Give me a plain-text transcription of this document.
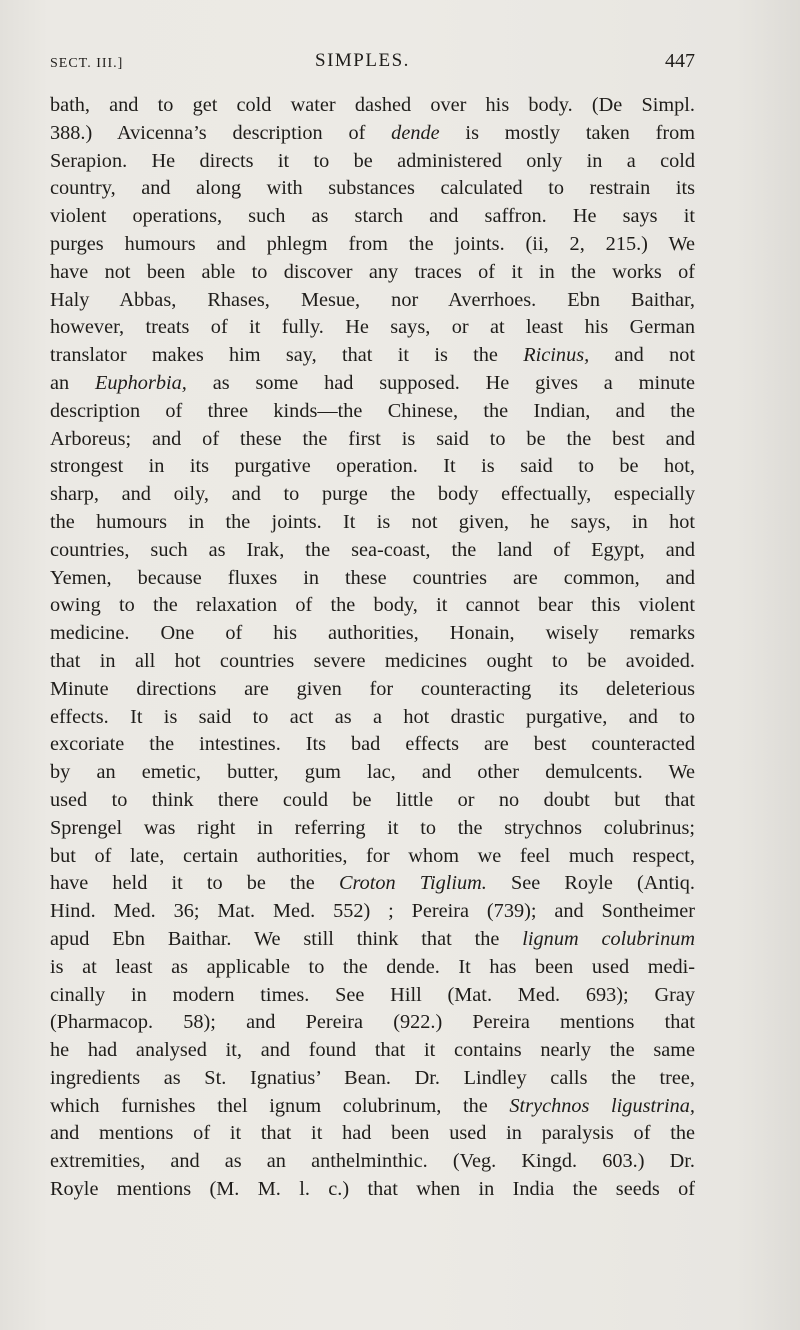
SECT. III.]	SIMPLES.	447
bath, and to get cold water dashed over his body. (De Simpl.
388.) Avicenna’s description of dende is mostly taken from
Serapion. He directs it to be administered only in a cold
country, and along with substances calculated to restrain its
violent operations, such as starch and saffron. He says it
purges humours and phlegm from the joints. (ii, 2, 215.) We
have not been able to discover any traces of it in the works of
Haly Abbas, Rhases, Mesue, nor Averrhoes. Ebn Baithar,
however, treats of it fully. He says, or at least his German
translator makes him say, that it is the Ricinus, and not
an Euphorbia, as some had supposed. He gives a minute
description of three kinds—the Chinese, the Indian, and the
Arboreus; and of these the first is said to be the best and
strongest in its purgative operation. It is said to be hot,
sharp, and oily, and to purge the body effectually, especially
the humours in the joints. It is not given, he says, in hot
countries, such as Irak, the sea-coast, the land of Egypt, and
Yemen, because fluxes in these countries are common, and
owing to the relaxation of the body, it cannot bear this violent
medicine. One of his authorities, Honain, wisely remarks
that in all hot countries severe medicines ought to be avoided.
Minute directions are given for counteracting its deleterious
effects. It is said to act as a hot drastic purgative, and to
excoriate the intestines. Its bad effects are best counteracted
by an emetic, butter, gum lac, and other demulcents. We
used to think there could be little or no doubt but that
Sprengel was right in referring it to the strychnos colubrinus;
but of late, certain authorities, for whom we feel much respect,
have held it to be the Croton Tiglium. See Royle (Antiq.
Hind. Med. 36; Mat. Med. 552) ; Pereira (739); and Sontheimer
apud Ebn Baithar. We still think that the lignum colubrinum
is at least as applicable to the dende. It has been used medi-
cinally in modern times. See Hill (Mat. Med. 693); Gray
(Pharmacop. 58); and Pereira (922.) Pereira mentions that
he had analysed it, and found that it contains nearly the same
ingredients as St. Ignatius’ Bean. Dr. Lindley calls the tree,
which furnishes thel ignum colubrinum, the Strychnos ligustrina,
and mentions of it that it had been used in paralysis of the
extremities, and as an anthelminthic. (Veg. Kingd. 603.) Dr.
Royle mentions (M. M. l. c.) that when in India the seeds of
